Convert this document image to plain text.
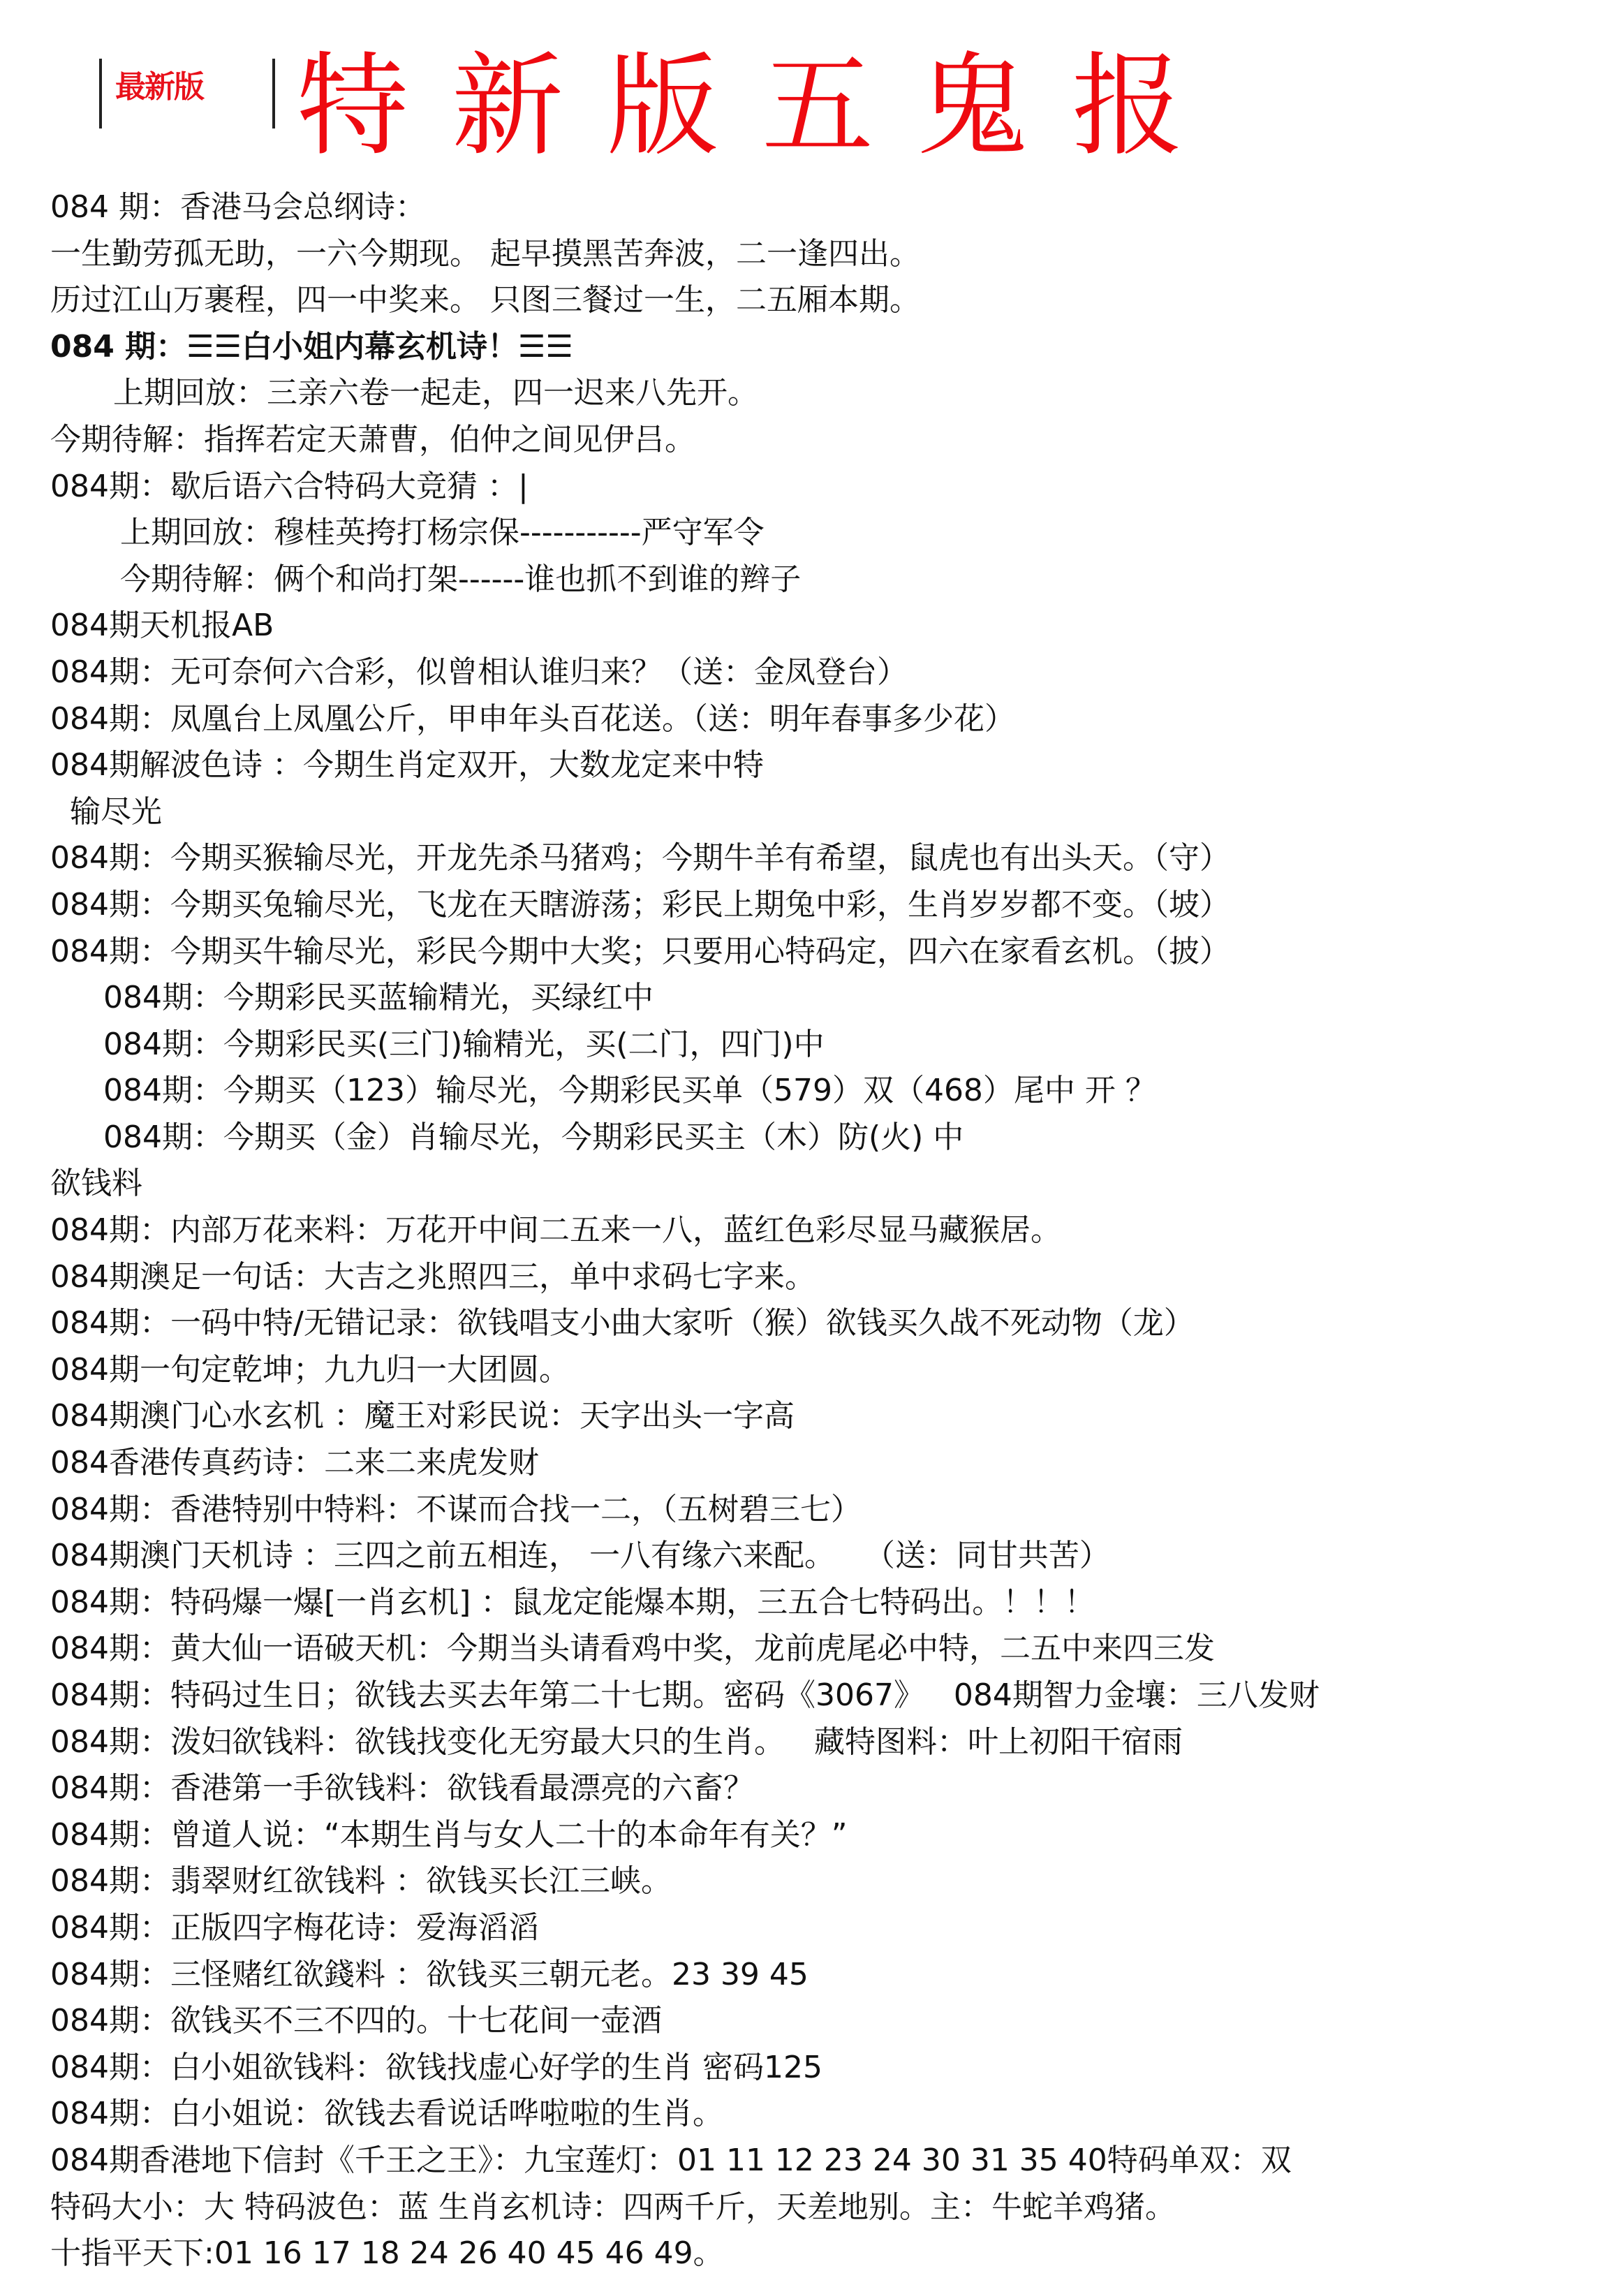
最新版 特新版五鬼报
084 期：香港马会总纲诗：
一生勤劳孤无助，一六今期现。 起早摸黑苦奔波，二一逢四出。
历过江山万裹程，四一中奖来。 只图三餐过一生，二五厢本期。
084 期：☰☰白小姐内幕玄机诗！☰☰
上期回放：三亲六卷一起走，四一迟来八先开。
今期待解：指挥若定天萧曹，伯仲之间见伊吕。
084期：歇后语六合特码大竞猜 ：|
上期回放：穆桂英挎打杨宗保-----------严守军令
今期待解：俩个和尚打架------谁也抓不到谁的辫子
084期天机报AB
084期：无可奈何六合彩，似曾相认谁归来？（送：金凤登台）
084期：凤凰台上凤凰公斤，甲申年头百花送。（送：明年春事多少花）
084期解波色诗 ：今期生肖定双开，大数龙定来中特
输尽光
084期：今期买猴输尽光，开龙先杀马猪鸡；今期牛羊有希望，鼠虎也有出头天。（守）
084期：今期买兔输尽光，飞龙在天瞎游荡；彩民上期兔中彩，生肖岁岁都不变。（坡）
084期：今期买牛输尽光，彩民今期中大奖；只要用心特码定，四六在家看玄机。（披）
084期：今期彩民买蓝输精光，买绿红中
084期：今期彩民买(三门)输精光，买(二门，四门)中
084期：今期买（123）输尽光，今期彩民买单（579）双（468）尾中 开 ？
084期：今期买（金）肖输尽光，今期彩民买主（木）防(火) 中
欲钱料
084期：内部万花来料：万花开中间二五来一八，蓝红色彩尽显马藏猴居。
084期澳足一句话：大吉之兆照四三，单中求码七字来。
084期：一码中特/无错记录：欲钱唱支小曲大家听（猴）欲钱买久战不死动物（龙）
084期一句定乾坤；九九归一大团圆。
084期澳门心水玄机 ：魔王对彩民说：天字出头一字高
084香港传真药诗：二来二来虎发财
084期：香港特别中特料：不谋而合找一二，（五树碧三七）
084期澳门天机诗 ：三四之前五相连， 一八有缘六来配。   （送：同甘共苦）
084期：特码爆一爆[一肖玄机] ：鼠龙定能爆本期，三五合七特码出。！！！
084期：黄大仙一语破天机：今期当头请看鸡中奖，龙前虎尾必中特，二五中来四三发
084期：特码过生日；欲钱去买去年第二十七期。密码《3067》   084期智力金壤：三八发财
084期：泼妇欲钱料：欲钱找变化无穷最大只的生肖。   藏特图料：叶上初阳干宿雨
084期：香港第一手欲钱料：欲钱看最漂亮的六畜？
084期：曾道人说：“本期生肖与女人二十的本命年有关？”
084期：翡翠财红欲钱料 ：欲钱买长江三峡。
084期：正版四字梅花诗：爱海滔滔
084期：三怪赌红欲錢料 ：欲钱买三朝元老。23 39 45
084期：欲钱买不三不四的。十七花间一壶酒
084期：白小姐欲钱料：欲钱找虚心好学的生肖 密码125
084期：白小姐说：欲钱去看说话哗啦啦的生肖。
084期香港地下信封《千王之王》：九宝莲灯：01 11 12 23 24 30 31 35 40特码单双：双
特码大小：大 特码波色：蓝 生肖玄机诗：四两千斤，天差地别。主：牛蛇羊鸡猪。
十指平天下:01 16 17 18 24 26 40 45 46 49。
